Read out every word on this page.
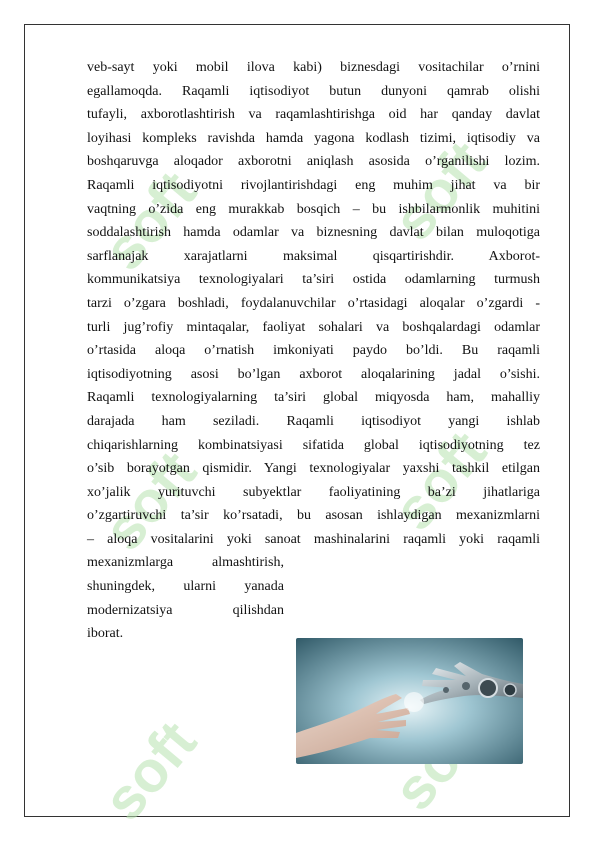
soft	soft
soft	soft
soft
veb-sayt yoki mobil ilova kabi) biznesdagi vositachilar o’rnini
egallamoqda. Raqamli iqtisodiyot butun dunyoni qamrab olishi
tufayli, axborotlashtirish va raqamlashtirishga oid har qanday davlat
loyihasi kompleks ravishda hamda yagona kodlash tizimi, iqtisodiy va
boshqaruvga aloqador axborotni aniqlash asosida o’rganilishi lozim.
Raqamli iqtisodiyotni rivojlantirishdagi eng muhim jihat va bir
vaqtning o’zida eng murakkab bosqich – bu ishbilarmonlik muhitini
soddalashtirish hamda odamlar va biznesning davlat bilan muloqotiga
sarflanajak xarajatlarni maksimal qisqartirishdir. Axborot-
kommunikatsiya texnologiyalari ta’siri ostida odamlarning turmush
tarzi o’zgara boshladi, foydalanuvchilar o’rtasidagi aloqalar o’zgardi -
turli jug’rofiy mintaqalar, faoliyat sohalari va boshqalardagi odamlar
o’rtasida aloqa o’rnatish imkoniyati paydo bo’ldi. Bu raqamli
iqtisodiyotning asosi bo’lgan axborot aloqalarining jadal o’sishi.
Raqamli texnologiyalarning ta’siri global miqyosda ham, mahalliy
darajada ham seziladi. Raqamli iqtisodiyot yangi ishlab
chiqarishlarning kombinatsiyasi sifatida global iqtisodiyotning tez
o’sib borayotgan qismidir. Yangi texnologiyalar yaxshi tashkil etilgan
xo’jalik yurituvchi subyektlar faoliyatining ba’zi jihatlariga
o’zgartiruvchi ta’sir ko’rsatadi, bu asosan ishlaydigan mexanizmlarni
– aloqa vositalarini yoki sanoat mashinalarini raqamli yoki raqamli
mexanizmlarga almashtirish,
shuningdek, ularni yanada
modernizatsiya qilishdan
iborat.
